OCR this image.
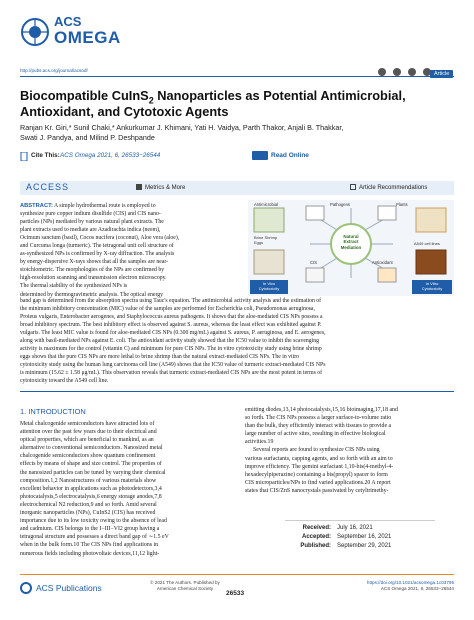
ACS
OMEGA
http://pubs.acs.org/journal/acsodf

Article
Biocompatible CuInS$_2$ Nanoparticles as Potential Antimicrobial,
Antioxidant, and Cytotoxic Agents
Ranjan Kr. Giri,* Sunil Chaki,* Ankurkumar J. Khimani, Yati H. Vaidya, Parth Thakor, Anjali B. Thakkar,
Swati J. Pandya, and Milind P. Deshpande
Cite This: ACS Omega 2021, 6, 26533−26544	Read Online
ACCESS	Metrics & More	Article Recommendations
ABSTRACT: A simple hydrothermal route is employed to
synthesize pure copper indium disulfide (CIS) and CIS nano-
particles (NPs) mediated by various natural plant extracts. The
plant extracts used to mediate are Azadirachta indica (neem),
Ocimum sanctum (basil), Cocos nucifera (coconut), Aloe vera (aloe),
and Curcuma longa (turmeric). The tetragonal unit cell structure of
as-synthesized NPs is confirmed by X-ray diffraction. The analysis
by energy-dispersive X-rays shows that all the samples are near-
stoichiometric. The morphologies of the NPs are confirmed by
high-resolution scanning and transmission electron microscopy.
The thermal stability of the synthesized NPs is
determined by thermogravimetric analysis. The optical energy
Antimicrobial	Pathogens	Plants
Natural
Extract
Mediation
Brine Shrimp
Eggs
CIS
A549 cell lines
Antioxidant
In Vivo
Cytotoxicity
In Vitro
Cytotoxicity
band gap is determined from the absorption spectra using Tauc's equation. The antimicrobial activity analysis and the estimation of
the minimum inhibitory concentration (MIC) value of the samples are performed for Escherichia coli, Pseudomonas aeruginosa,
Proteus vulgaris, Enterobacter aerogenes, and Staphylococcus aureus pathogens. It shows that the aloe-mediated CIS NPs possess a
broad inhibitory spectrum. The best inhibitory effect is observed against S. aureus, whereas the least effect was exhibited against P.
vulgaris. The least MIC value is found for aloe-mediated CIS NPs (0.300 mg/mL) against S. aureus, P. aeruginosa, and E. aerogenes,
along with basil-mediated NPs against E. coli. The antioxidant activity study showed that the IC50 value to inhibit the scavenging
activity is maximum for the control (vitamin C) and minimum for pure CIS NPs. The in vitro cytotoxicity study using brine shrimp
eggs shows that the pure CIS NPs are more lethal to brine shrimp than the natural extract-mediated CIS NPs. The in vitro
cytotoxicity study using the human lung carcinoma cell line (A549) shows that the IC50 value of turmeric extract-mediated CIS NPs
is minimum (15.62 ± 1.58 μg/mL). This observation reveals that turmeric extract-mediated CIS NPs are the most potent in terms of
cytotoxicity toward the A549 cell line.
1. INTRODUCTION
Metal chalcogenide semiconductors have attracted lots of
attention over the past few years due to their electrical and
optical properties, which are beneficial to mankind, as an
alternative to conventional semiconductors. Nanosized metal
chalcogenide semiconductors show quantum confinement
effects by means of shape and size control. The properties of
the nanosized particles can be tuned by varying their chemical
composition.1,2 Nanostructures of various materials show
excellent behavior in applications such as photodetectors,3,4
photocatalysis,5 electrocatalysis,6 energy storage anodes,7,8
electrochemical N2 reduction,9 and so forth. Amid several
inorganic nanoparticles (NPs), CuInS2 (CIS) has received
importance due to its low toxicity owing to the absence of lead
and cadmium. CIS belongs to the I−III−VI2 group having a
tetragonal structure and possesses a direct band gap of ∼1.5 eV
when in the bulk form.10 The CIS NPs find applications in
numerous fields including photovoltaic devices,11,12 light-
emitting diodes,13,14 photocatalysis,15,16 bioimaging,17,18 and
so forth. The CIS NPs possess a larger surface-to-volume ratio
than the bulk, they efficiently interact with tissues to provide a
large number of active sites, resulting in effective biological
activities.19
Several reports are found to synthesize CIS NPs using
various surfactants, capping agents, and so forth with an aim to
improve efficiency. The gemini surfactant 1,10-bis(4-methyl-4-
hexadecylpiperazine) containing a bis(propyl) spacer to form
CIS microparticles/NPs to find varied applications.20 A report
states that CIS/ZnS nanocrystals passivated by cetyltrimethy-
Received: July 16, 2021
Accepted: September 16, 2021
Published: September 29, 2021
ACS Publications
© 2021 The Authors. Published by
American Chemical Society
26533
https://doi.org/10.1021/acsomega.1c03795
ACS Omega 2021, 6, 26533−26544
